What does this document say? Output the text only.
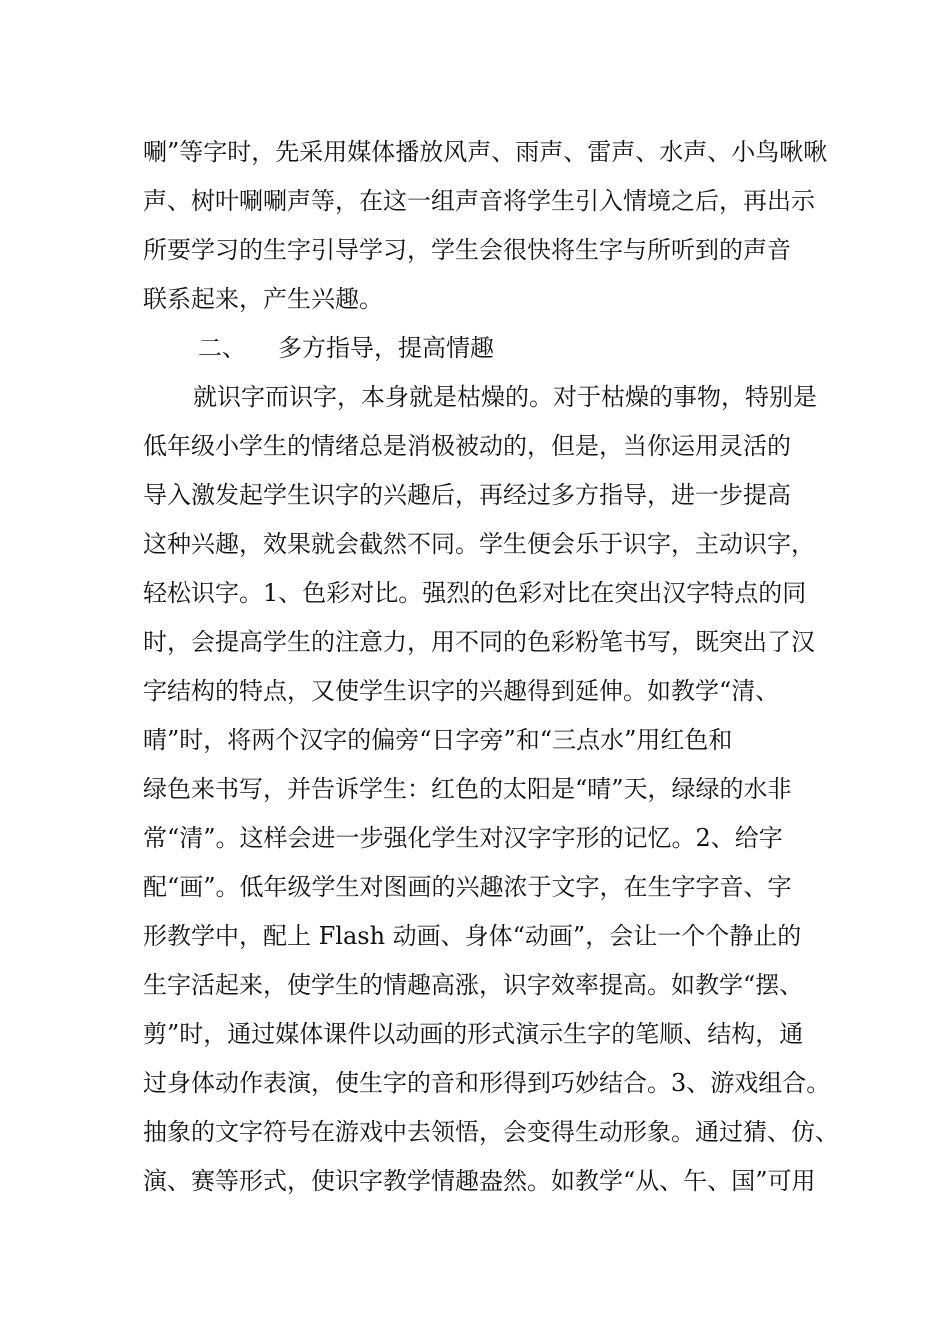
唰”等字时，先采用媒体播放风声、雨声、雷声、水声、小鸟啾啾
声、树叶唰唰声等，在这一组声音将学生引入情境之后，再出示
所要学习的生字引导学习，学生会很快将生字与所听到的声音
联系起来，产生兴趣。
二、 多方指导，提高情趣
就识字而识字，本身就是枯燥的。对于枯燥的事物，特别是
低年级小学生的情绪总是消极被动的，但是，当你运用灵活的
导入激发起学生识字的兴趣后，再经过多方指导，进一步提高
这种兴趣，效果就会截然不同。学生便会乐于识字，主动识字，
轻松识字。1、色彩对比。强烈的色彩对比在突出汉字特点的同
时，会提高学生的注意力，用不同的色彩粉笔书写，既突出了汉
字结构的特点，又使学生识字的兴趣得到延伸。如教学“清、
晴”时，将两个汉字的偏旁“日字旁”和“三点水”用红色和
绿色来书写，并告诉学生：红色的太阳是“晴”天，绿绿的水非
常“清”。这样会进一步强化学生对汉字字形的记忆。2、给字
配“画”。低年级学生对图画的兴趣浓于文字，在生字字音、字
形教学中，配上 Flash 动画、身体“动画”，会让一个个静止的
生字活起来，使学生的情趣高涨，识字效率提高。如教学“摆、
剪”时，通过媒体课件以动画的形式演示生字的笔顺、结构，通
过身体动作表演，使生字的音和形得到巧妙结合。3、游戏组合。
抽象的文字符号在游戏中去领悟，会变得生动形象。通过猜、仿、
演、赛等形式，使识字教学情趣盎然。如教学“从、午、国”可用
